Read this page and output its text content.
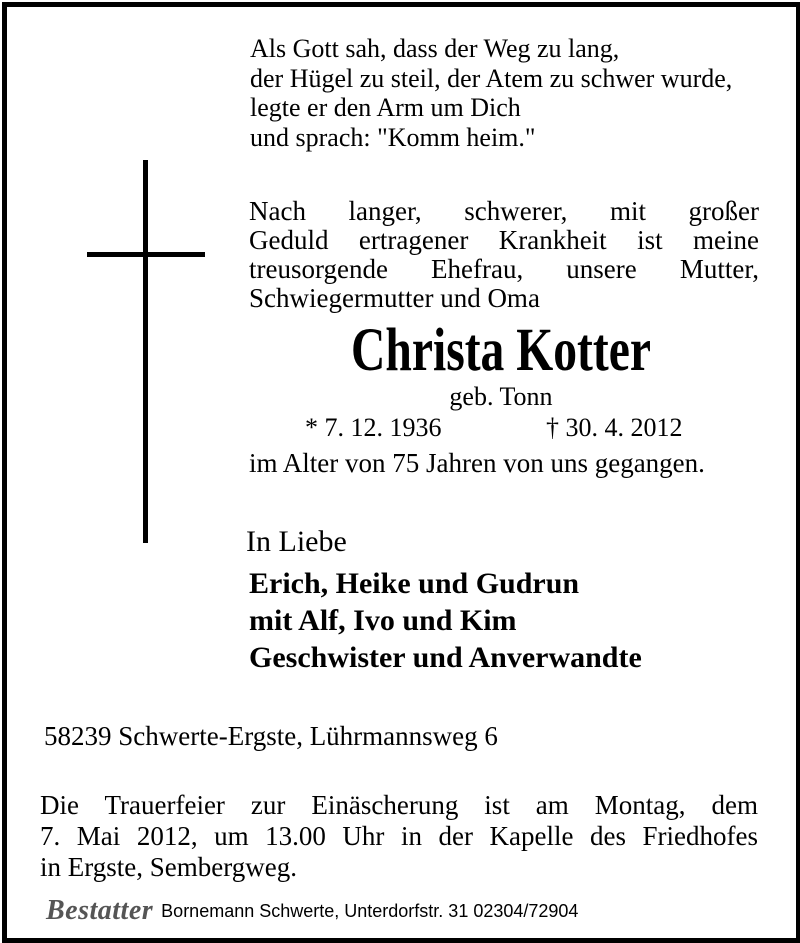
Als Gott sah, dass der Weg zu lang,
der Hügel zu steil, der Atem zu schwer wurde,
legte er den Arm um Dich
und sprach: "Komm heim."
Nach langer, schwerer, mit großer
Geduld ertragener Krankheit ist meine
treusorgende Ehefrau, unsere Mutter,
Schwiegermutter und Oma
Christa Kotter
geb. Tonn
* 7. 12. 1936	† 30. 4. 2012
im Alter von 75 Jahren von uns gegangen.
In Liebe
Erich, Heike und Gudrun
mit Alf, Ivo und Kim
Geschwister und Anverwandte
58239 Schwerte-Ergste, Lührmannsweg 6
Die Trauerfeier zur Einäscherung ist am Montag, dem
7. Mai 2012, um 13.00 Uhr in der Kapelle des Friedhofes
in Ergste, Sembergweg.
Bestatter Bornemann Schwerte, Unterdorfstr. 31 02304/72904
